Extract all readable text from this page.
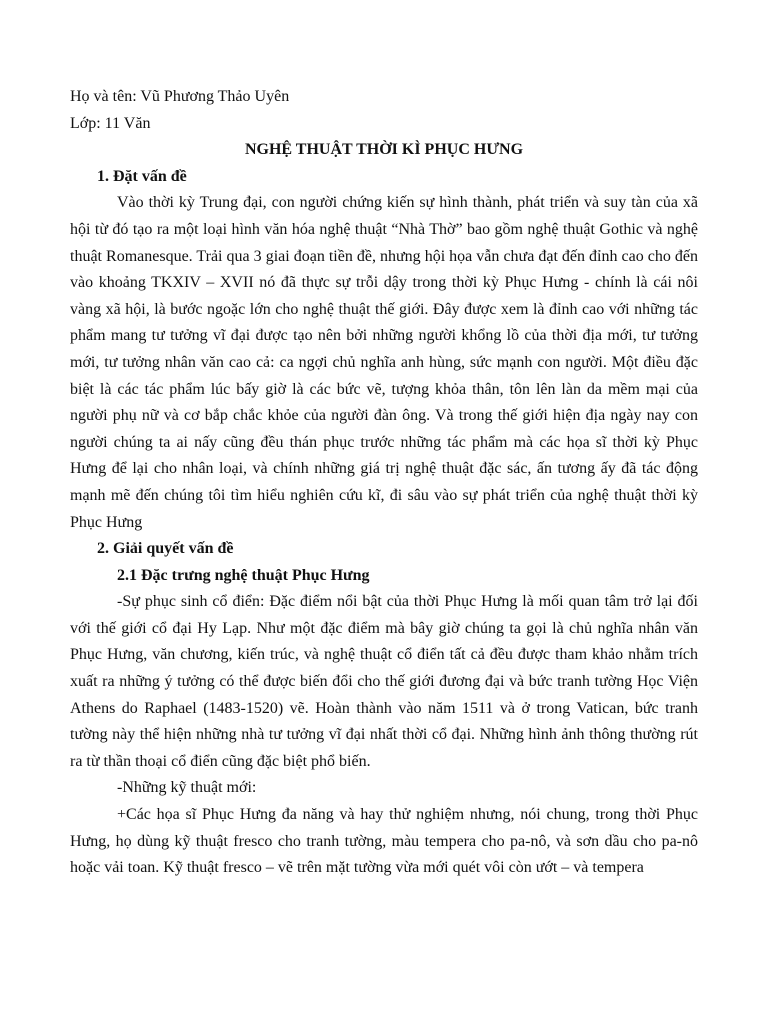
Họ và tên: Vũ Phương Thảo Uyên

Lớp: 11 Văn

NGHỆ THUẬT THỜI KÌ PHỤC HƯNG

1. Đặt vấn đề

Vào thời kỳ Trung đại, con người chứng kiến sự hình thành, phát triển và suy tàn của xã hội từ đó tạo ra một loại hình văn hóa nghệ thuật “Nhà Thờ” bao gồm nghệ thuật Gothic và nghệ thuật Romanesque. Trải qua 3 giai đoạn tiền đề, nhưng hội họa vẫn chưa đạt đến đỉnh cao cho đến vào khoảng TKXIV – XVII nó đã thực sự trỗi dậy trong thời kỳ Phục Hưng - chính là cái nôi vàng xã hội, là bước ngoặc lớn cho nghệ thuật thế giới. Đây được xem là đỉnh cao với những tác phẩm mang tư tưởng vĩ đại được tạo nên bởi những người khổng lồ của thời địa mới, tư tưởng mới, tư tưởng nhân văn cao cả: ca ngợi chủ nghĩa anh hùng, sức mạnh con người. Một điều đặc biệt là các tác phẩm lúc bấy giờ là các bức vẽ, tượng khỏa thân, tôn lên làn da mềm mại của người phụ nữ và cơ bắp chắc khỏe của người đàn ông. Và trong thế giới hiện địa ngày nay con người chúng ta ai nấy cũng đều thán phục trước những tác phẩm mà các họa sĩ thời kỳ Phục Hưng để lại cho nhân loại, và chính những giá trị nghệ thuật đặc sác, ấn tương ấy đã tác động mạnh mẽ đến chúng tôi tìm hiểu nghiên cứu kĩ, đi sâu vào sự phát triển của nghệ thuật thời kỳ Phục Hưng

2. Giải quyết vấn đề

2.1 Đặc trưng nghệ thuật Phục Hưng

-Sự phục sinh cổ điển: Đặc điểm nổi bật của thời Phục Hưng là mối quan tâm trở lại đối với thế giới cổ đại Hy Lạp. Như một đặc điểm mà bây giờ chúng ta gọi là chủ nghĩa nhân văn Phục Hưng, văn chương, kiến trúc, và nghệ thuật cổ điển tất cả đều được tham khảo nhằm trích xuất ra những ý tưởng có thể được biến đổi cho thế giới đương đại và bức tranh tường Học Viện Athens do Raphael (1483-1520) vẽ. Hoàn thành vào năm 1511 và ở trong Vatican, bức tranh tường này thể hiện những nhà tư tưởng vĩ đại nhất thời cổ đại. Những hình ảnh thông thường rút ra từ thần thoại cổ điển cũng đặc biệt phổ biến.

-Những kỹ thuật mới:

+Các họa sĩ Phục Hưng đa năng và hay thử nghiệm nhưng, nói chung, trong thời Phục Hưng, họ dùng kỹ thuật fresco cho tranh tường, màu tempera cho pa-nô, và sơn dầu cho pa-nô hoặc vải toan. Kỹ thuật fresco – vẽ trên mặt tường vừa mới quét vôi còn ướt – và tempera
